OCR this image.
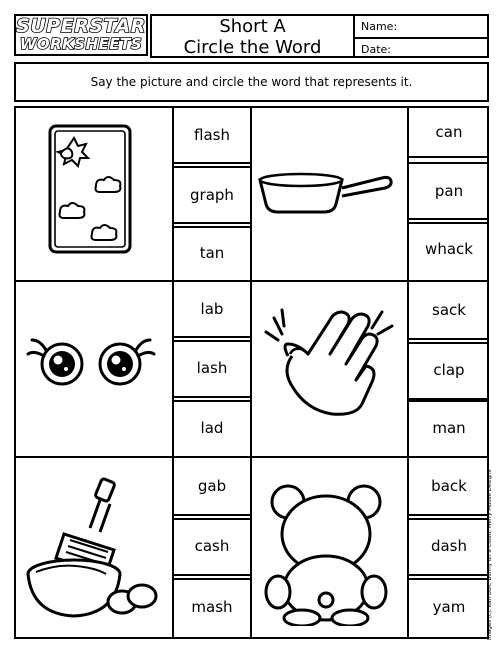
SUPERSTAR
WORKSHEETS
Short A
Circle the Word
Name:
Date:
Say the picture and circle the word that represents it.
flash
graph
tan
can
pan
whack
lab
lash
lad
sack
clap
man
gab
cash
mash
back
dash
yam	Images (c): Kari Bolt, Bunny on a Cloud, Merry Moose Designs
